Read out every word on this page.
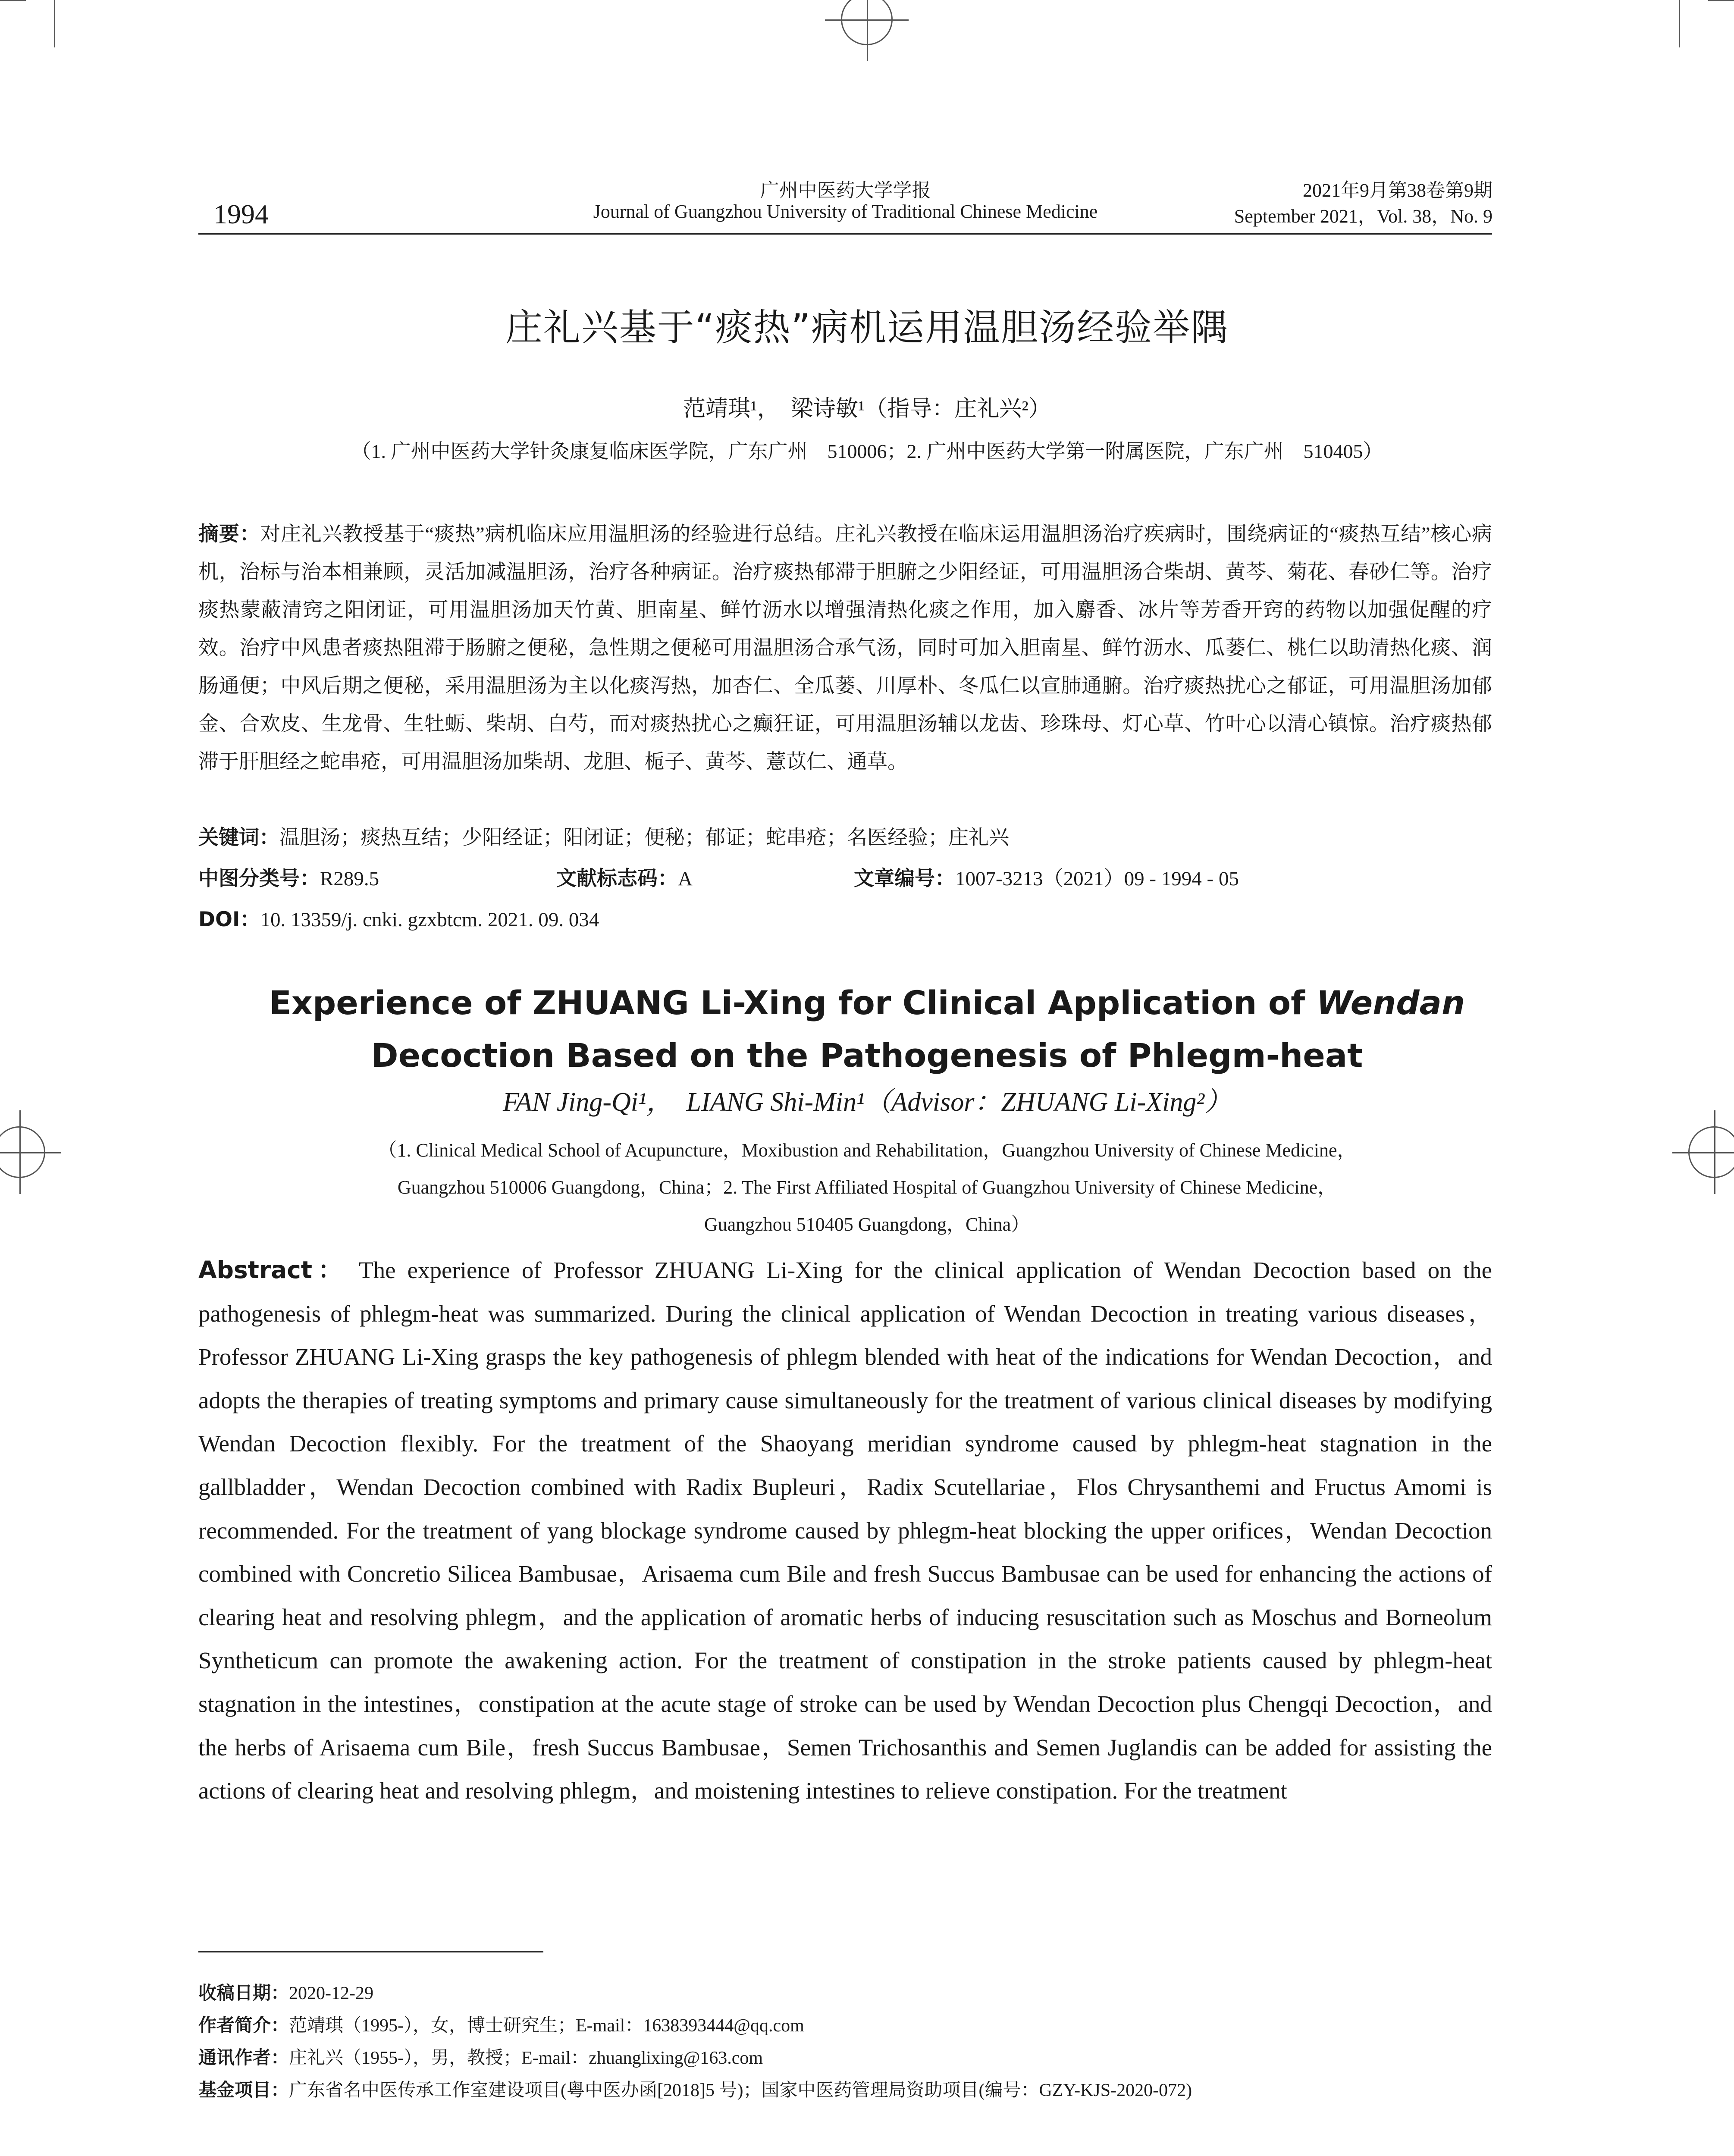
1994
广州中医药大学学报
Journal of Guangzhou University of Traditional Chinese Medicine
2021年9月第38卷第9期
September 2021，Vol. 38，No. 9
庄礼兴基于“痰热”病机运用温胆汤经验举隅
范靖琪¹，　梁诗敏¹（指导：庄礼兴²）
（1. 广州中医药大学针灸康复临床医学院，广东广州　510006；2. 广州中医药大学第一附属医院，广东广州　510405）
摘要：对庄礼兴教授基于“痰热”病机临床应用温胆汤的经验进行总结。庄礼兴教授在临床运用温胆汤治疗疾病时，围绕病证的“痰热互结”核心病机，治标与治本相兼顾，灵活加减温胆汤，治疗各种病证。治疗痰热郁滞于胆腑之少阳经证，可用温胆汤合柴胡、黄芩、菊花、春砂仁等。治疗痰热蒙蔽清窍之阳闭证，可用温胆汤加天竹黄、胆南星、鲜竹沥水以增强清热化痰之作用，加入麝香、冰片等芳香开窍的药物以加强促醒的疗效。治疗中风患者痰热阻滞于肠腑之便秘，急性期之便秘可用温胆汤合承气汤，同时可加入胆南星、鲜竹沥水、瓜蒌仁、桃仁以助清热化痰、润肠通便；中风后期之便秘，采用温胆汤为主以化痰泻热，加杏仁、全瓜蒌、川厚朴、冬瓜仁以宣肺通腑。治疗痰热扰心之郁证，可用温胆汤加郁金、合欢皮、生龙骨、生牡蛎、柴胡、白芍，而对痰热扰心之癫狂证，可用温胆汤辅以龙齿、珍珠母、灯心草、竹叶心以清心镇惊。治疗痰热郁滞于肝胆经之蛇串疮，可用温胆汤加柴胡、龙胆、栀子、黄芩、薏苡仁、通草。
关键词：温胆汤；痰热互结；少阳经证；阳闭证；便秘；郁证；蛇串疮；名医经验；庄礼兴
中图分类号：R289.5	文献标志码：A	文章编号：1007-3213（2021）09 - 1994 - 05
DOI：10. 13359/j. cnki. gzxbtcm. 2021. 09. 034
Experience of ZHUANG Li-Xing for Clinical Application of Wendan
Decoction Based on the Pathogenesis of Phlegm-heat
FAN Jing-Qi¹，　LIANG Shi-Min¹（Advisor：ZHUANG Li-Xing²）
（1. Clinical Medical School of Acupuncture，Moxibustion and Rehabilitation，Guangzhou University of Chinese Medicine，
Guangzhou 510006 Guangdong，China；2. The First Affiliated Hospital of Guangzhou University of Chinese Medicine，
Guangzhou 510405 Guangdong，China）
Abstract： The experience of Professor ZHUANG Li-Xing for the clinical application of Wendan Decoction based on the pathogenesis of phlegm-heat was summarized. During the clinical application of Wendan Decoction in treating various diseases，Professor ZHUANG Li-Xing grasps the key pathogenesis of phlegm blended with heat of the indications for Wendan Decoction，and adopts the therapies of treating symptoms and primary cause simultaneously for the treatment of various clinical diseases by modifying Wendan Decoction flexibly. For the treatment of the Shaoyang meridian syndrome caused by phlegm-heat stagnation in the gallbladder，Wendan Decoction combined with Radix Bupleuri，Radix Scutellariae，Flos Chrysanthemi and Fructus Amomi is recommended. For the treatment of yang blockage syndrome caused by phlegm-heat blocking the upper orifices，Wendan Decoction combined with Concretio Silicea Bambusae，Arisaema cum Bile and fresh Succus Bambusae can be used for enhancing the actions of clearing heat and resolving phlegm，and the application of aromatic herbs of inducing resuscitation such as Moschus and Borneolum Syntheticum can promote the awakening action. For the treatment of constipation in the stroke patients caused by phlegm-heat stagnation in the intestines，constipation at the acute stage of stroke can be used by Wendan Decoction plus Chengqi Decoction，and the herbs of Arisaema cum Bile，fresh Succus Bambusae，Semen Trichosanthis and Semen Juglandis can be added for assisting the actions of clearing heat and resolving phlegm，and moistening intestines to relieve constipation. For the treatment
收稿日期：2020-12-29
作者简介：范靖琪（1995-），女，博士研究生；E-mail：1638393444@qq.com
通讯作者：庄礼兴（1955-），男，教授；E-mail：zhuanglixing@163.com
基金项目：广东省名中医传承工作室建设项目(粤中医办函[2018]5 号)；国家中医药管理局资助项目(编号：GZY-KJS-2020-072)
